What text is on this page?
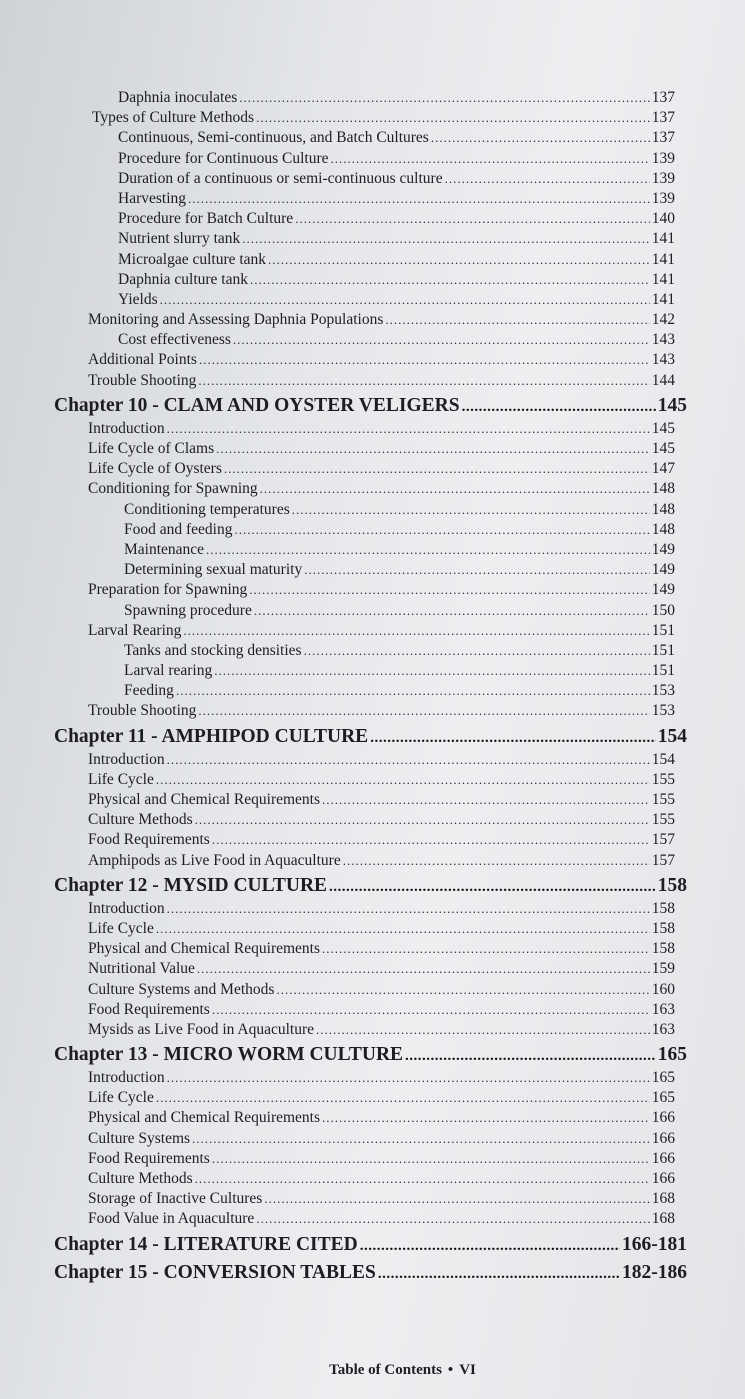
Daphnia inoculates .....	137
Types of Culture Methods .....	137
Continuous, Semi-continuous, and Batch Cultures .....	137
Procedure for Continuous Culture .....	139
Duration of a continuous or semi-continuous culture .....	139
Harvesting .....	139
Procedure for Batch Culture .....	140
Nutrient slurry tank .....	141
Microalgae culture tank .....	141
Daphnia culture tank .....	141
Yields .....	141
Monitoring and Assessing Daphnia Populations .....	142
Cost effectiveness .....	143
Additional Points .....	143
Trouble Shooting .....	144
Chapter 10 - CLAM AND OYSTER VELIGERS .....	145
Introduction .....	145
Life Cycle of Clams .....	145
Life Cycle of Oysters .....	147
Conditioning for Spawning .....	148
Conditioning temperatures .....	148
Food and feeding .....	148
Maintenance .....	149
Determining sexual maturity .....	149
Preparation for Spawning .....	149
Spawning procedure .....	150
Larval Rearing .....	151
Tanks and stocking densities .....	151
Larval rearing .....	151
Feeding .....	153
Trouble Shooting .....	153
Chapter 11 - AMPHIPOD CULTURE .....	154
Introduction .....	154
Life Cycle .....	155
Physical and Chemical Requirements .....	155
Culture Methods .....	155
Food Requirements .....	157
Amphipods as Live Food in Aquaculture .....	157
Chapter 12 - MYSID CULTURE .....	158
Introduction .....	158
Life Cycle .....	158
Physical and Chemical Requirements .....	158
Nutritional Value .....	159
Culture Systems and Methods .....	160
Food Requirements .....	163
Mysids as Live Food in Aquaculture .....	163
Chapter 13 - MICRO WORM CULTURE .....	165
Introduction .....	165
Life Cycle .....	165
Physical and Chemical Requirements .....	166
Culture Systems .....	166
Food Requirements .....	166
Culture Methods .....	166
Storage of Inactive Cultures .....	168
Food Value in Aquaculture .....	168
Chapter 14 - LITERATURE CITED .....	166-181
Chapter 15 - CONVERSION TABLES .....	182-186
Table of Contents • VI
